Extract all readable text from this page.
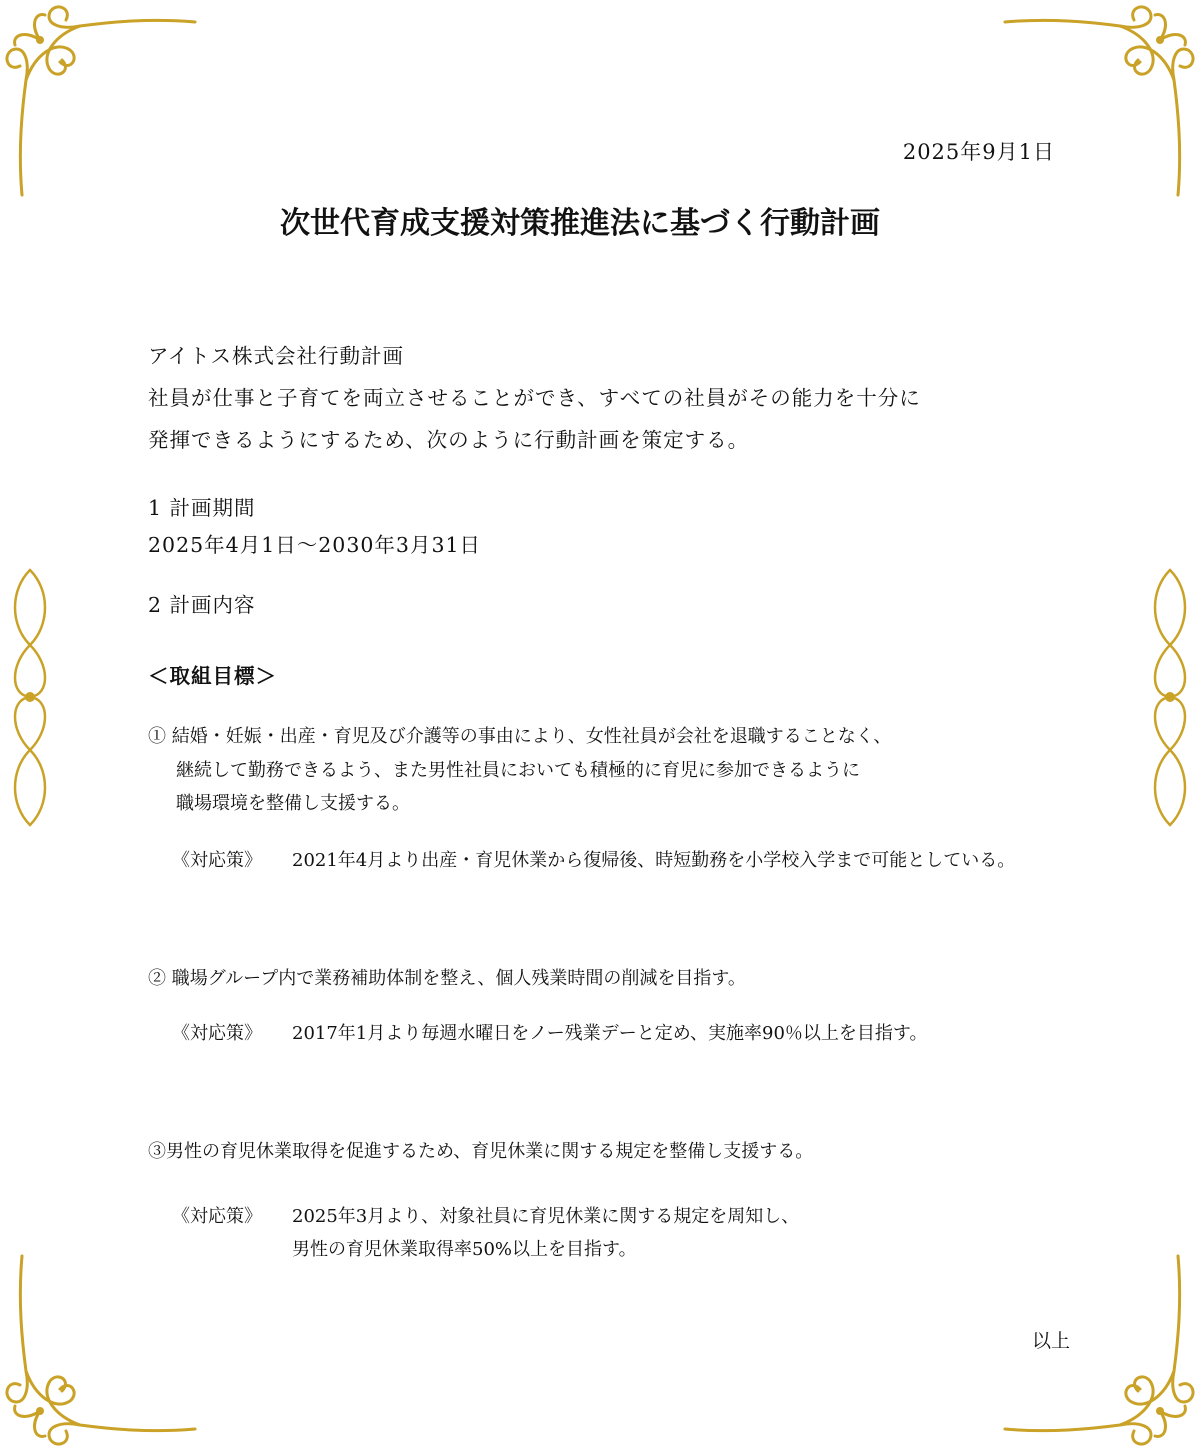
2025年9月1日
次世代育成支援対策推進法に基づく行動計画
アイトス株式会社行動計画
社員が仕事と子育てを両立させることができ、すべての社員がその能力を十分に
発揮できるようにするため、次のように行動計画を策定する。
1 計画期間
2025年4月1日～2030年3月31日
2 計画内容
＜取組目標＞
① 結婚・妊娠・出産・育児及び介護等の事由により、女性社員が会社を退職することなく、
継続して勤務できるよう、また男性社員においても積極的に育児に参加できるように
職場環境を整備し支援する。
《対応策》 2021年4月より出産・育児休業から復帰後、時短勤務を小学校入学まで可能としている。
② 職場グループ内で業務補助体制を整え、個人残業時間の削減を目指す。
《対応策》 2017年1月より毎週水曜日をノー残業デーと定め、実施率90％以上を目指す。
③男性の育児休業取得を促進するため、育児休業に関する規定を整備し支援する。
《対応策》 2025年3月より、対象社員に育児休業に関する規定を周知し、
男性の育児休業取得率50%以上を目指す。
以上
